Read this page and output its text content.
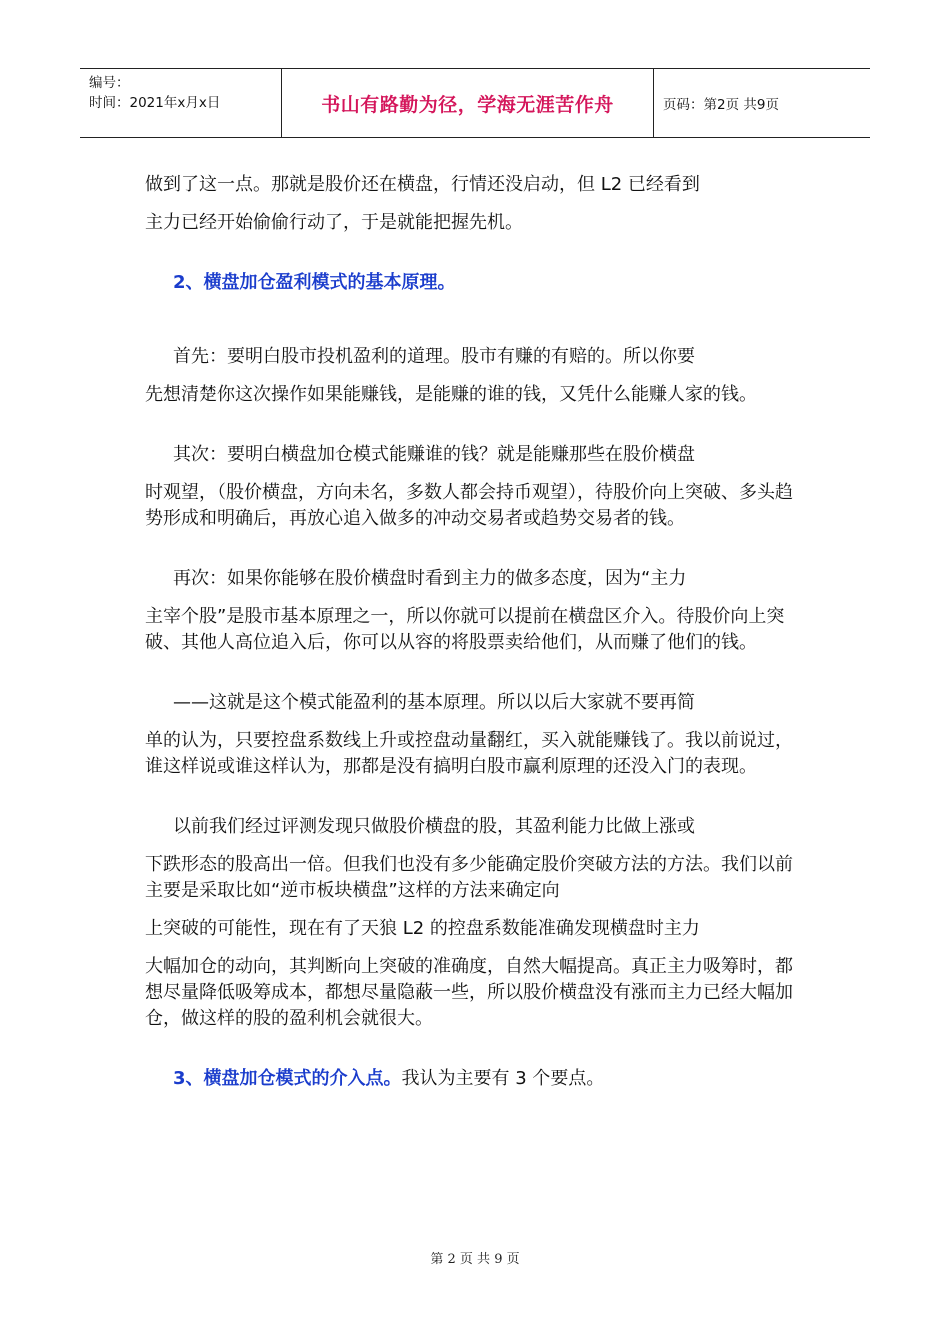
编号：
时间：2021年x月x日	书山有路勤为径，学海无涯苦作舟	页码：第2页 共9页

做到了这一点。那就是股价还在横盘，行情还没启动，但 L2 已经看到

主力已经开始偷偷行动了，于是就能把握先机。

2、横盘加仓盈利模式的基本原理。

首先：要明白股市投机盈利的道理。股市有赚的有赔的。所以你要

先想清楚你这次操作如果能赚钱，是能赚的谁的钱，又凭什么能赚人家的钱。

其次：要明白横盘加仓模式能赚谁的钱？就是能赚那些在股价横盘

时观望，（股价横盘，方向未名，多数人都会持币观望），待股价向上突破、多头趋势形成和明确后，再放心追入做多的冲动交易者或趋势交易者的钱。

再次：如果你能够在股价横盘时看到主力的做多态度，因为“主力

主宰个股”是股市基本原理之一，所以你就可以提前在横盘区介入。待股价向上突破、其他人高位追入后，你可以从容的将股票卖给他们，从而赚了他们的钱。

——这就是这个模式能盈利的基本原理。所以以后大家就不要再简

单的认为，只要控盘系数线上升或控盘动量翻红，买入就能赚钱了。我以前说过，谁这样说或谁这样认为，那都是没有搞明白股市赢利原理的还没入门的表现。

以前我们经过评测发现只做股价横盘的股，其盈利能力比做上涨或

下跌形态的股高出一倍。但我们也没有多少能确定股价突破方法的方法。我们以前主要是采取比如“逆市板块横盘”这样的方法来确定向

上突破的可能性，现在有了天狼 L2 的控盘系数能准确发现横盘时主力

大幅加仓的动向，其判断向上突破的准确度，自然大幅提高。真正主力吸筹时，都想尽量降低吸筹成本，都想尽量隐蔽一些，所以股价横盘没有涨而主力已经大幅加仓，做这样的股的盈利机会就很大。

3、横盘加仓模式的介入点。我认为主要有 3 个要点。

第 2 页 共 9 页
